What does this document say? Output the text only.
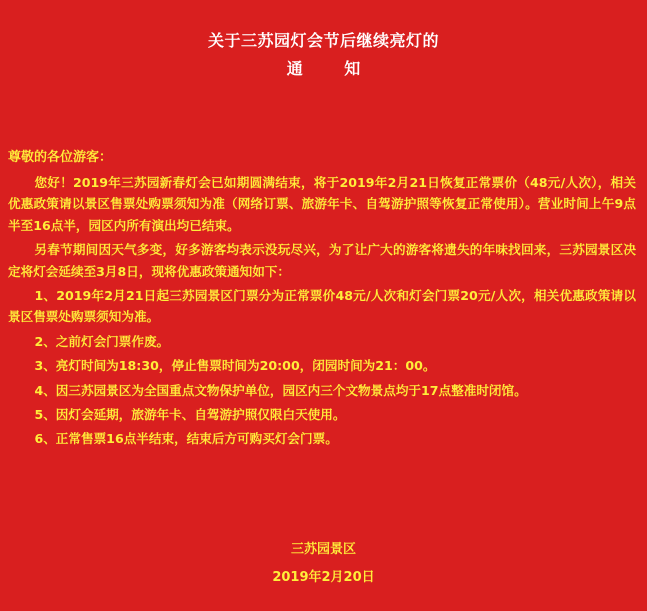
关于三苏园灯会节后继续亮灯的
通 知
尊敬的各位游客：

您好！2019年三苏园新春灯会已如期圆满结束，将于2019年2月21日恢复正常票价（48元/人次），相关优惠政策请以景区售票处购票须知为准（网络订票、旅游年卡、自驾游护照等恢复正常使用）。营业时间上午9点半至16点半，园区内所有演出均已结束。

另春节期间因天气多变，好多游客均表示没玩尽兴，为了让广大的游客将遗失的年味找回来，三苏园景区决定将灯会延续至3月8日，现将优惠政策通知如下：

1、2019年2月21日起三苏园景区门票分为正常票价48元/人次和灯会门票20元/人次，相关优惠政策请以景区售票处购票须知为准。

2、之前灯会门票作废。

3、亮灯时间为18:30，停止售票时间为20:00，闭园时间为21：00。

4、因三苏园景区为全国重点文物保护单位，园区内三个文物景点均于17点整准时闭馆。

5、因灯会延期，旅游年卡、自驾游护照仅限白天使用。

6、正常售票16点半结束，结束后方可购买灯会门票。

三苏园景区
2019年2月20日
